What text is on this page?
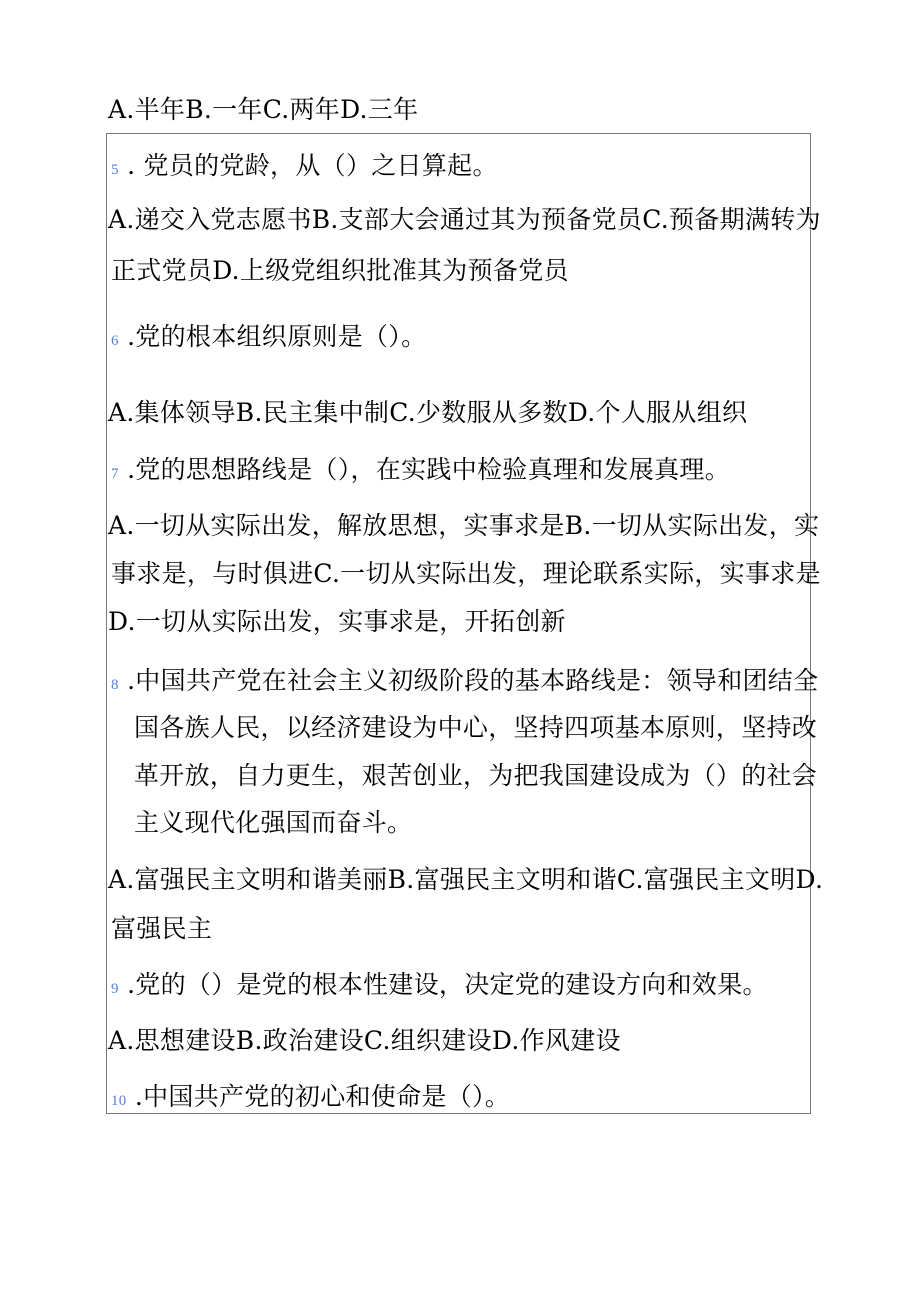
A.半年B.一年C.两年D.三年
5 . 党员的党龄，从（）之日算起。
A.递交入党志愿书B.支部大会通过其为预备党员C.预备期满转为
正式党员D.上级党组织批准其为预备党员
6 .党的根本组织原则是（）。
A.集体领导B.民主集中制C.少数服从多数D.个人服从组织
7 .党的思想路线是（），在实践中检验真理和发展真理。
A.一切从实际出发，解放思想，实事求是B.一切从实际出发，实
事求是，与时俱进C.一切从实际出发，理论联系实际，实事求是
D.一切从实际出发，实事求是，开拓创新
8 .中国共产党在社会主义初级阶段的基本路线是：领导和团结全
国各族人民，以经济建设为中心，坚持四项基本原则，坚持改
革开放，自力更生，艰苦创业，为把我国建设成为（）的社会
主义现代化强国而奋斗。
A.富强民主文明和谐美丽B.富强民主文明和谐C.富强民主文明D.
富强民主
9 .党的（）是党的根本性建设，决定党的建设方向和效果。
A.思想建设B.政治建设C.组织建设D.作风建设
10 .中国共产党的初心和使命是（）。
